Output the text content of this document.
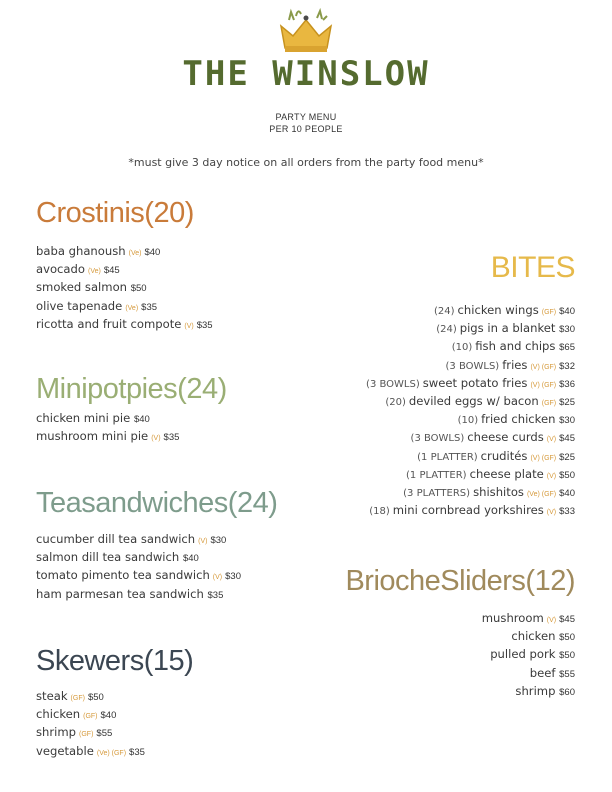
THE WINSLOW
PARTY MENU
PER 10 PEOPLE
*must give 3 day notice on all orders from the party food menu*
Crostinis(20)
baba ghanoush (Ve) $40
avocado (Ve) $45
smoked salmon $50
olive tapenade (Ve) $35
ricotta and fruit compote (V) $35
Minipotpies(24)
chicken mini pie $40
mushroom mini pie (V) $35
Teasandwiches(24)
cucumber dill tea sandwich (V) $30
salmon dill tea sandwich $40
tomato pimento tea sandwich (V) $30
ham parmesan tea sandwich $35
Skewers(15)
steak (GF) $50
chicken (GF) $40
shrimp (GF) $55
vegetable (Ve) (GF) $35
BITES
(24) chicken wings (GF) $40
(24) pigs in a blanket $30
(10) fish and chips $65
(3 BOWLS) fries (V) (GF) $32
(3 BOWLS) sweet potato fries (V) (GF) $36
(20) deviled eggs w/ bacon (GF) $25
(10) fried chicken $30
(3 BOWLS) cheese curds (V) $45
(1 PLATTER) crudités (V) (GF) $25
(1 PLATTER) cheese plate (V) $50
(3 PLATTERS) shishitos (Ve) (GF) $40
(18) mini cornbread yorkshires (V) $33
BriocheSliders(12)
mushroom (V) $45
chicken $50
pulled pork $50
beef $55
shrimp $60
